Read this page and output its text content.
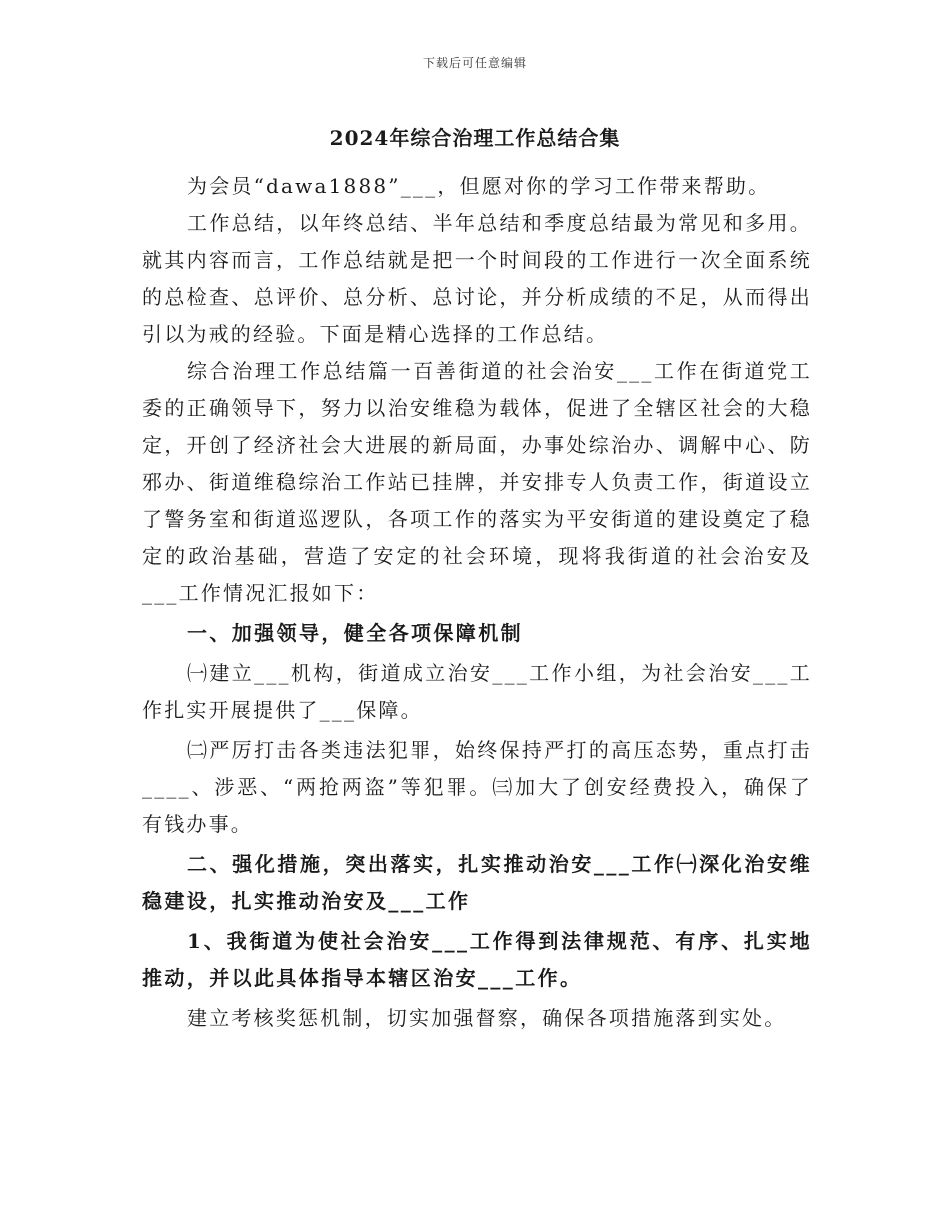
下载后可任意编辑
2024年综合治理工作总结合集

为会员“dawa1888”___，但愿对你的学习工作带来帮助。

工作总结，以年终总结、半年总结和季度总结最为常见和多用。就其内容而言，工作总结就是把一个时间段的工作进行一次全面系统的总检查、总评价、总分析、总讨论，并分析成绩的不足，从而得出引以为戒的经验。下面是精心选择的工作总结。

综合治理工作总结篇一百善街道的社会治安___工作在街道党工委的正确领导下，努力以治安维稳为载体，促进了全辖区社会的大稳定，开创了经济社会大进展的新局面，办事处综治办、调解中心、防邪办、街道维稳综治工作站已挂牌，并安排专人负责工作，街道设立了警务室和街道巡逻队，各项工作的落实为平安街道的建设奠定了稳定的政治基础，营造了安定的社会环境，现将我街道的社会治安及___工作情况汇报如下：

一、加强领导，健全各项保障机制

㈠建立___机构，街道成立治安___工作小组，为社会治安___工作扎实开展提供了___保障。

㈡严厉打击各类违法犯罪，始终保持严打的高压态势，重点打击____、涉恶、“两抢两盗”等犯罪。㈢加大了创安经费投入，确保了有钱办事。

二、强化措施，突出落实，扎实推动治安___工作㈠深化治安维稳建设，扎实推动治安及___工作

1、我街道为使社会治安___工作得到法律规范、有序、扎实地推动，并以此具体指导本辖区治安___工作。

建立考核奖惩机制，切实加强督察，确保各项措施落到实处。
